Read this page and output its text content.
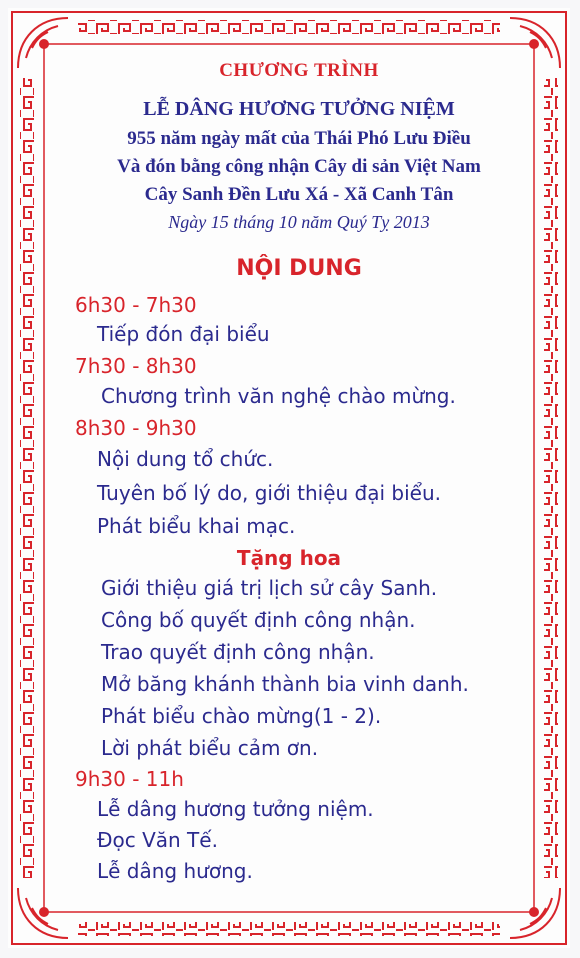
CHƯƠNG TRÌNH
LỄ DÂNG HƯƠNG TƯỞNG NIỆM
955 năm ngày mất của Thái Phó Lưu Điều
Và đón bằng công nhận Cây di sản Việt Nam
Cây Sanh Đền Lưu Xá - Xã Canh Tân
Ngày 15 tháng 10 năm Quý Tỵ 2013
NỘI DUNG
6h30 - 7h30
Tiếp đón đại biểu
7h30 - 8h30
Chương trình văn nghệ chào mừng.
8h30 - 9h30
Nội dung tổ chức.
Tuyên bố lý do, giới thiệu đại biểu.
Phát biểu khai mạc.
Tặng hoa
Giới thiệu giá trị lịch sử cây Sanh.
Công bố quyết định công nhận.
Trao quyết định công nhận.
Mở băng khánh thành bia vinh danh.
Phát biểu chào mừng(1 - 2).
Lời phát biểu cảm ơn.
9h30 - 11h
Lễ dâng hương tưởng niệm.
Đọc Văn Tế.
Lễ dâng hương.
